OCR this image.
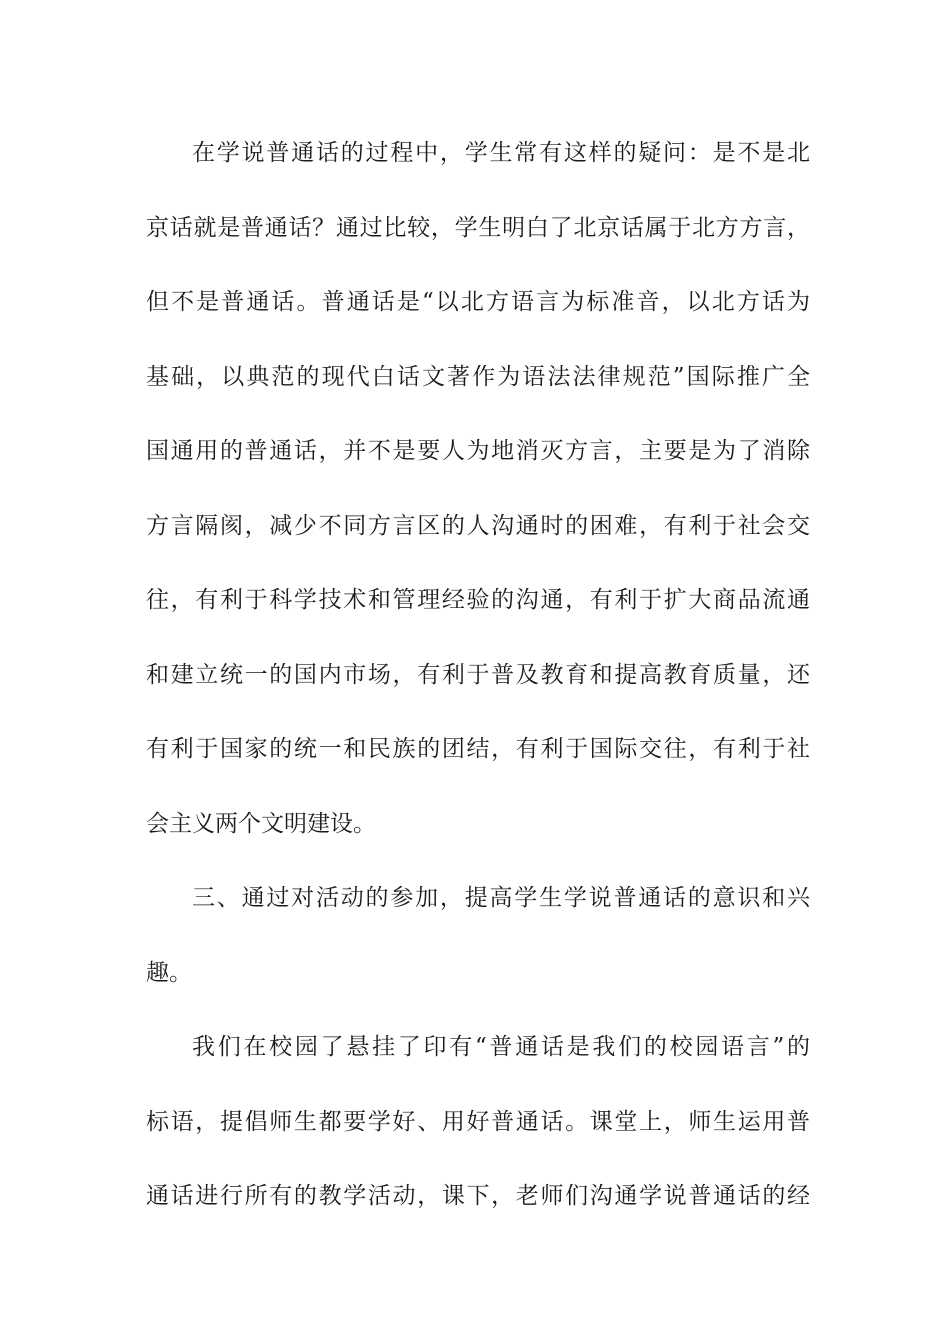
在学说普通话的过程中，学生常有这样的疑问：是不是北
京话就是普通话？通过比较，学生明白了北京话属于北方方言，
但不是普通话。普通话是“以北方语言为标准音，以北方话为
基础，以典范的现代白话文著作为语法法律规范”国际推广全
国通用的普通话，并不是要人为地消灭方言，主要是为了消除
方言隔阂，减少不同方言区的人沟通时的困难，有利于社会交
往，有利于科学技术和管理经验的沟通，有利于扩大商品流通
和建立统一的国内市场，有利于普及教育和提高教育质量，还
有利于国家的统一和民族的团结，有利于国际交往，有利于社
会主义两个文明建设。
三、通过对活动的参加，提高学生学说普通话的意识和兴
趣。
我们在校园了悬挂了印有“普通话是我们的校园语言”的
标语，提倡师生都要学好、用好普通话。课堂上，师生运用普
通话进行所有的教学活动，课下，老师们沟通学说普通话的经
